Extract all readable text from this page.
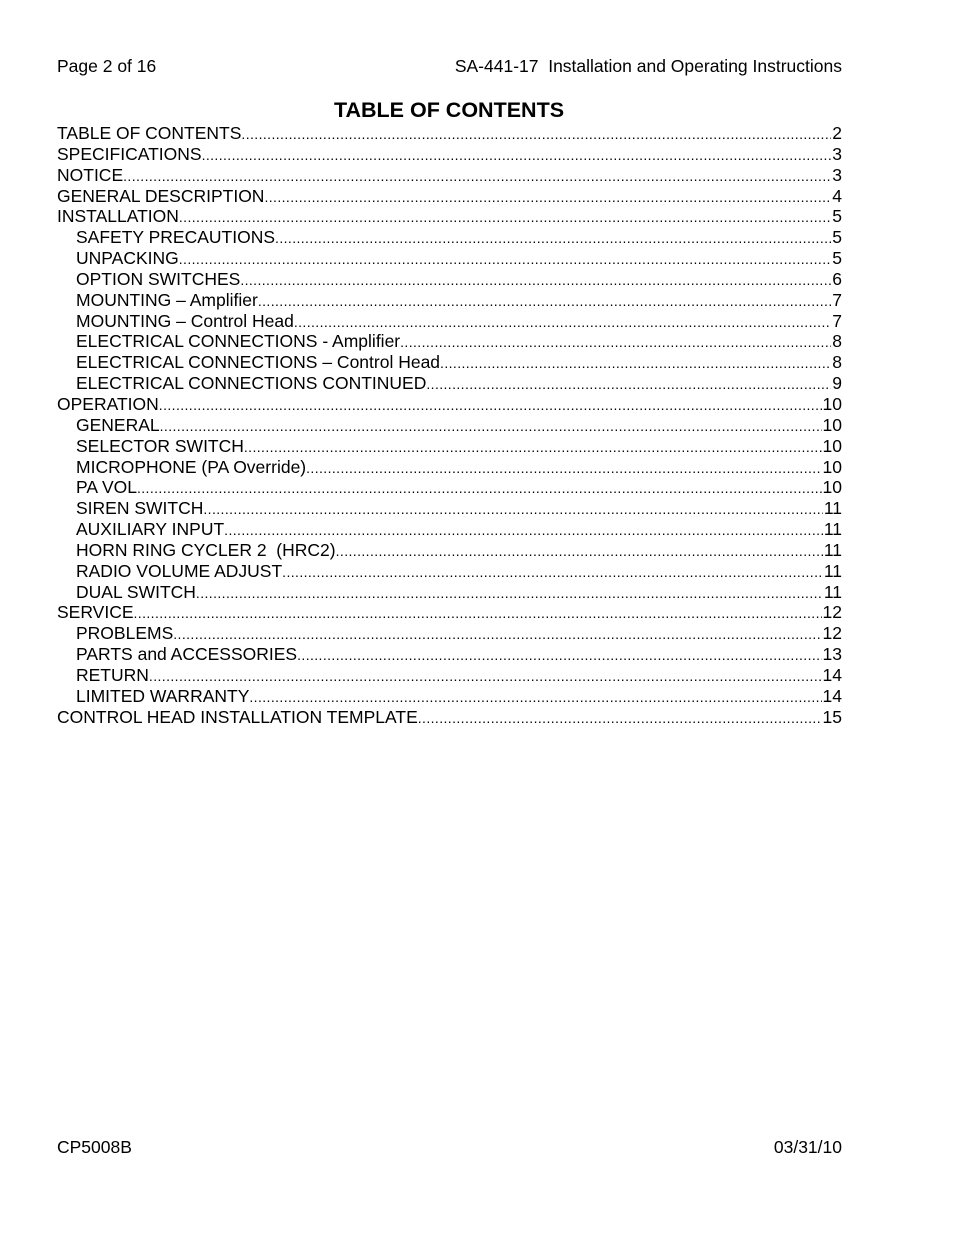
Page 2 of 16	SA-441-17  Installation and Operating Instructions
TABLE OF CONTENTS
TABLE OF CONTENTS .....	2
SPECIFICATIONS .....	3
NOTICE .....	3
GENERAL DESCRIPTION .....	4
INSTALLATION .....	5
SAFETY PRECAUTIONS .....	5
UNPACKING .....	5
OPTION SWITCHES .....	6
MOUNTING – Amplifier .....	7
MOUNTING – Control Head .....	7
ELECTRICAL CONNECTIONS - Amplifier .....	8
ELECTRICAL CONNECTIONS – Control Head .....	8
ELECTRICAL CONNECTIONS CONTINUED .....	9
OPERATION .....	10
GENERAL .....	10
SELECTOR SWITCH .....	10
MICROPHONE (PA Override) .....	10
PA VOL .....	10
SIREN SWITCH .....	11
AUXILIARY INPUT .....	11
HORN RING CYCLER 2  (HRC2) .....	11
RADIO VOLUME ADJUST .....	11
DUAL SWITCH .....	11
SERVICE .....	12
PROBLEMS .....	12
PARTS and ACCESSORIES .....	13
RETURN .....	14
LIMITED WARRANTY .....	14
CONTROL HEAD INSTALLATION TEMPLATE .....	15
CP5008B	03/31/10
